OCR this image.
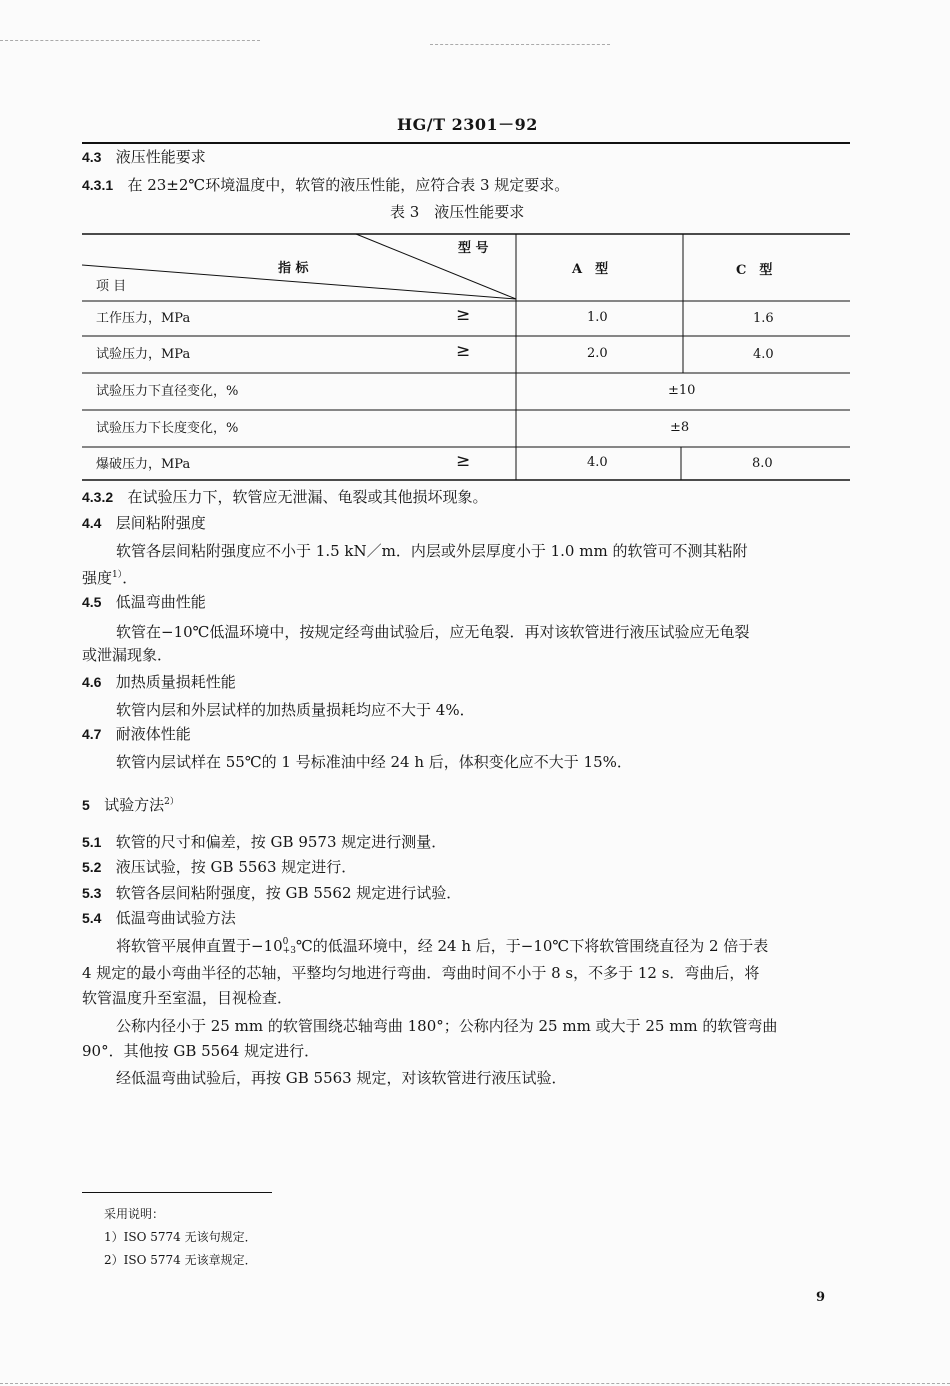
HG/T 2301－92
4.3 液压性能要求
4.3.1 在 23±2℃环境温度中，软管的液压性能，应符合表 3 规定要求。
表 3　液压性能要求
型 号
指 标
项 目
A　型	C　型
工作压力，MPa	≥	1.0	1.6
试验压力，MPa	≥	2.0	4.0
试验压力下直径变化，%	±10
试验压力下长度变化，%	±8
爆破压力，MPa	≥	4.0	8.0
4.3.2 在试验压力下，软管应无泄漏、龟裂或其他损坏现象。
4.4 层间粘附强度
软管各层间粘附强度应不小于 1.5 kN／m．内层或外层厚度小于 1.0 mm 的软管可不测其粘附
强度$^{1)}$．
4.5 低温弯曲性能
软管在−10℃低温环境中，按规定经弯曲试验后，应无龟裂．再对该软管进行液压试验应无龟裂
或泄漏现象．
4.6 加热质量损耗性能
软管内层和外层试样的加热质量损耗均应不大于 4%．
4.7 耐液体性能
软管内层试样在 55℃的 1 号标准油中经 24 h 后，体积变化应不大于 15%．
5 试验方法$^{2)}$
5.1 软管的尺寸和偏差，按 GB 9573 规定进行测量．
5.2 液压试验，按 GB 5563 规定进行．
5.3 软管各层间粘附强度，按 GB 5562 规定进行试验．
5.4 低温弯曲试验方法
将软管平展伸直置于−10 0
+3 ℃的低温环境中，经 24 h 后，于−10℃下将软管围绕直径为 2 倍于表
4 规定的最小弯曲半径的芯轴，平整均匀地进行弯曲．弯曲时间不小于 8 s，不多于 12 s．弯曲后，将
软管温度升至室温，目视检查．
公称内径小于 25 mm 的软管围绕芯轴弯曲 180°；公称内径为 25 mm 或大于 25 mm 的软管弯曲
90°．其他按 GB 5564 规定进行．
经低温弯曲试验后，再按 GB 5563 规定，对该软管进行液压试验．
采用说明：
1）ISO 5774 无该句规定．
2）ISO 5774 无该章规定．
9
